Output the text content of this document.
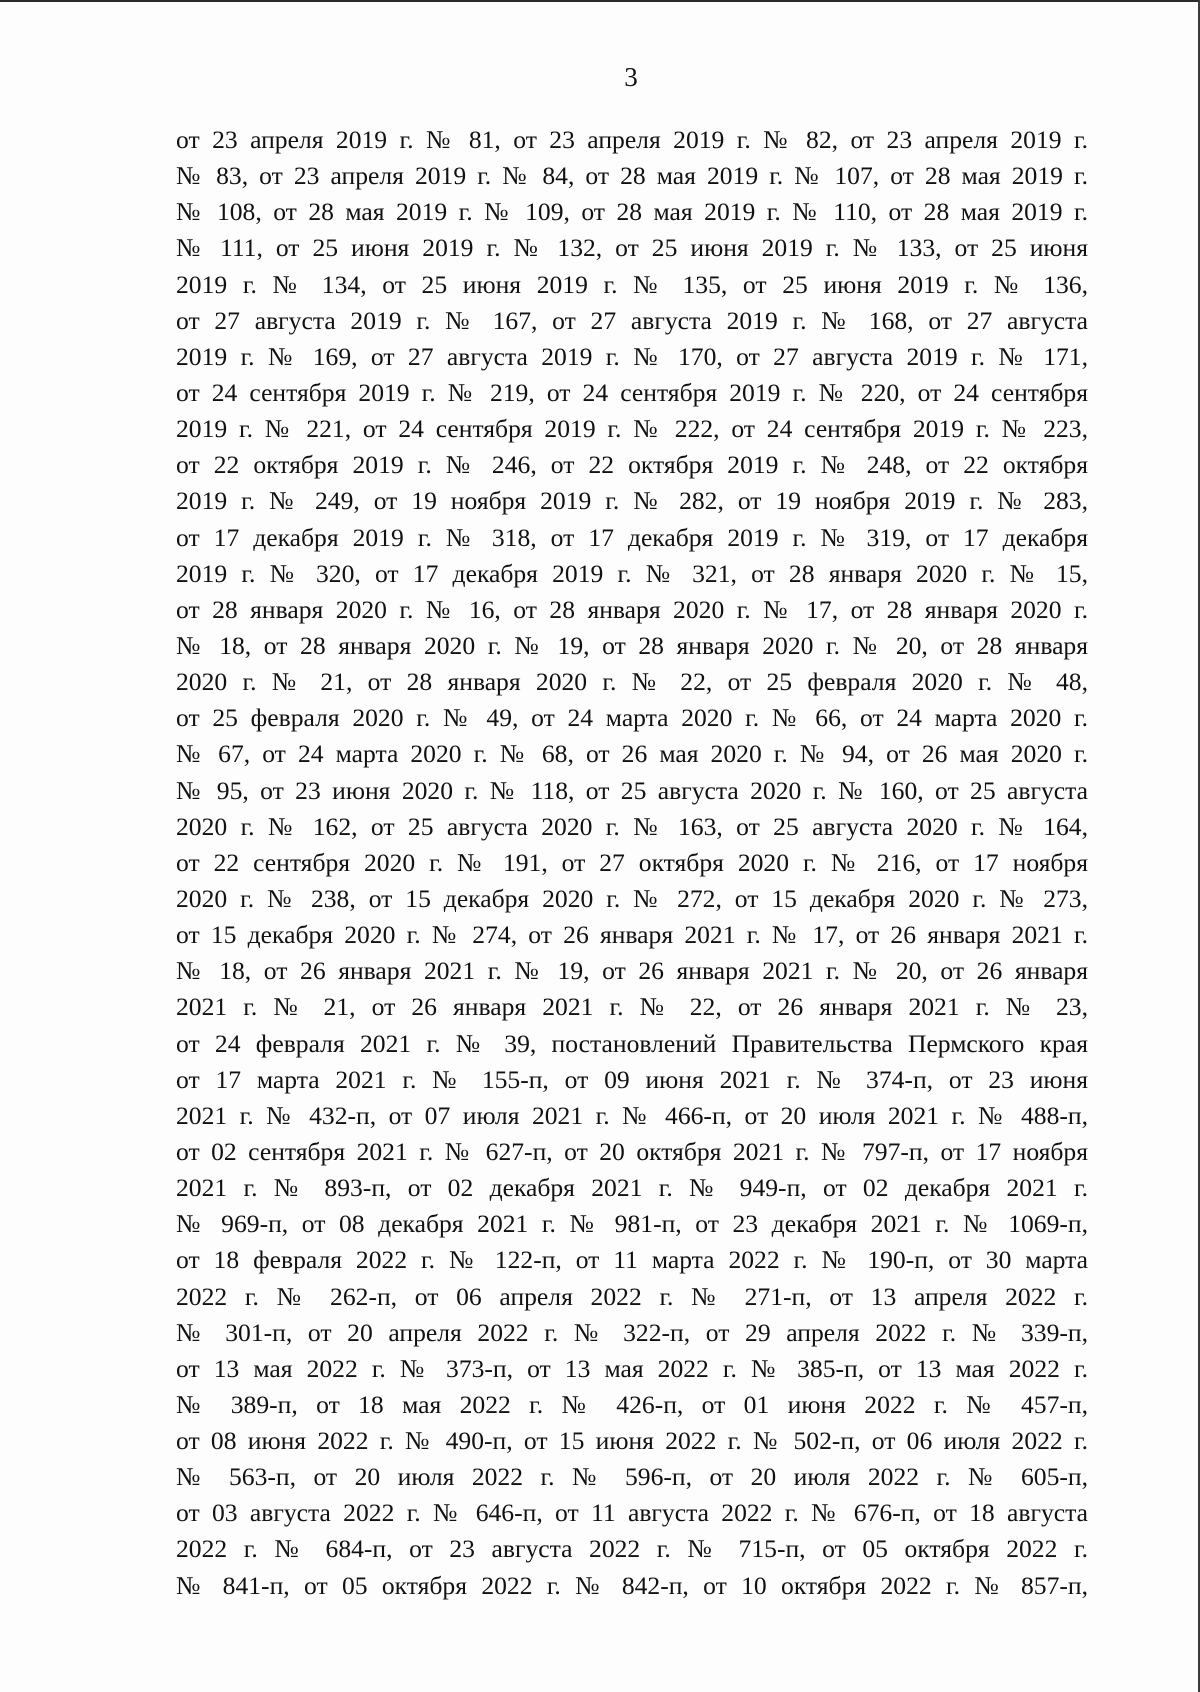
3

от 23 апреля 2019 г. № 81, от 23 апреля 2019 г. № 82, от 23 апреля 2019 г.
№ 83, от 23 апреля 2019 г. № 84, от 28 мая 2019 г. № 107, от 28 мая 2019 г.
№ 108, от 28 мая 2019 г. № 109, от 28 мая 2019 г. № 110, от 28 мая 2019 г.
№ 111, от 25 июня 2019 г. № 132, от 25 июня 2019 г. № 133, от 25 июня
2019 г. № 134, от 25 июня 2019 г. № 135, от 25 июня 2019 г. № 136,
от 27 августа 2019 г. № 167, от 27 августа 2019 г. № 168, от 27 августа
2019 г. № 169, от 27 августа 2019 г. № 170, от 27 августа 2019 г. № 171,
от 24 сентября 2019 г. № 219, от 24 сентября 2019 г. № 220, от 24 сентября
2019 г. № 221, от 24 сентября 2019 г. № 222, от 24 сентября 2019 г. № 223,
от 22 октября 2019 г. № 246, от 22 октября 2019 г. № 248, от 22 октября
2019 г. № 249, от 19 ноября 2019 г. № 282, от 19 ноября 2019 г. № 283,
от 17 декабря 2019 г. № 318, от 17 декабря 2019 г. № 319, от 17 декабря
2019 г. № 320, от 17 декабря 2019 г. № 321, от 28 января 2020 г. № 15,
от 28 января 2020 г. № 16, от 28 января 2020 г. № 17, от 28 января 2020 г.
№ 18, от 28 января 2020 г. № 19, от 28 января 2020 г. № 20, от 28 января
2020 г. № 21, от 28 января 2020 г. № 22, от 25 февраля 2020 г. № 48,
от 25 февраля 2020 г. № 49, от 24 марта 2020 г. № 66, от 24 марта 2020 г.
№ 67, от 24 марта 2020 г. № 68, от 26 мая 2020 г. № 94, от 26 мая 2020 г.
№ 95, от 23 июня 2020 г. № 118, от 25 августа 2020 г. № 160, от 25 августа
2020 г. № 162, от 25 августа 2020 г. № 163, от 25 августа 2020 г. № 164,
от 22 сентября 2020 г. № 191, от 27 октября 2020 г. № 216, от 17 ноября
2020 г. № 238, от 15 декабря 2020 г. № 272, от 15 декабря 2020 г. № 273,
от 15 декабря 2020 г. № 274, от 26 января 2021 г. № 17, от 26 января 2021 г.
№ 18, от 26 января 2021 г. № 19, от 26 января 2021 г. № 20, от 26 января
2021 г. № 21, от 26 января 2021 г. № 22, от 26 января 2021 г. № 23,
от 24 февраля 2021 г. № 39, постановлений Правительства Пермского края
от 17 марта 2021 г. № 155-п, от 09 июня 2021 г. № 374-п, от 23 июня
2021 г. № 432-п, от 07 июля 2021 г. № 466-п, от 20 июля 2021 г. № 488-п,
от 02 сентября 2021 г. № 627-п, от 20 октября 2021 г. № 797-п, от 17 ноября
2021 г. № 893-п, от 02 декабря 2021 г. № 949-п, от 02 декабря 2021 г.
№ 969-п, от 08 декабря 2021 г. № 981-п, от 23 декабря 2021 г. № 1069-п,
от 18 февраля 2022 г. № 122-п, от 11 марта 2022 г. № 190-п, от 30 марта
2022 г. № 262-п, от 06 апреля 2022 г. № 271-п, от 13 апреля 2022 г.
№ 301-п, от 20 апреля 2022 г. № 322-п, от 29 апреля 2022 г. № 339-п,
от 13 мая 2022 г. № 373-п, от 13 мая 2022 г. № 385-п, от 13 мая 2022 г.
№ 389-п, от 18 мая 2022 г. № 426-п, от 01 июня 2022 г. № 457-п,
от 08 июня 2022 г. № 490-п, от 15 июня 2022 г. № 502-п, от 06 июля 2022 г.
№ 563-п, от 20 июля 2022 г. № 596-п, от 20 июля 2022 г. № 605-п,
от 03 августа 2022 г. № 646-п, от 11 августа 2022 г. № 676-п, от 18 августа
2022 г. № 684-п, от 23 августа 2022 г. № 715-п, от 05 октября 2022 г.
№ 841-п, от 05 октября 2022 г. № 842-п, от 10 октября 2022 г. № 857-п,
